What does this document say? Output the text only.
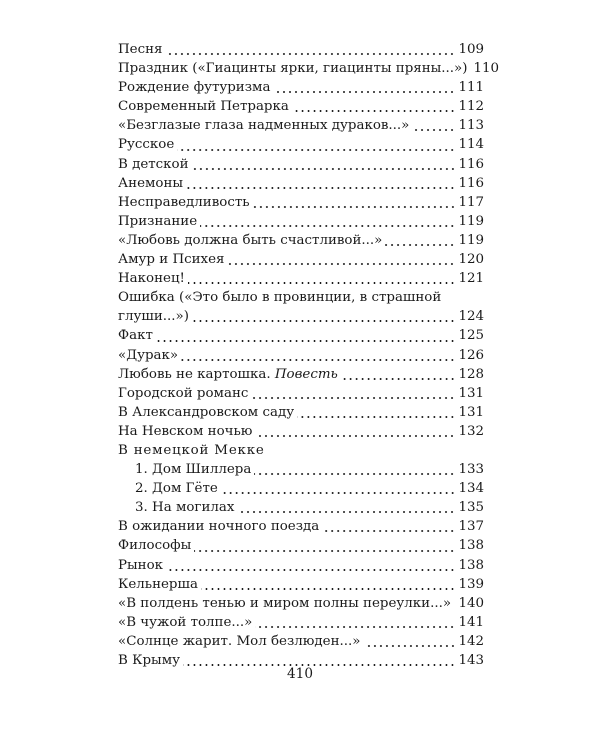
Песня	109
Праздник («Гиацинты ярки, гиацинты пряны...») 110
Рождение футуризма	111
Современный Петрарка	112
«Безглазые глаза надменных дураков...»	113
Русское	114
В детской	116
Анемоны	116
Несправедливость	117
Признание	119
«Любовь должна быть счастливой...»	119
Амур и Психея	120
Наконец!	121
Ошибка («Это было в провинции, в страшной
глуши...»)	124
Факт	125
«Дурак»	126
Любовь не картошка. Повесть	128
Городской романс	131
В Александровском саду	131
На Невском ночью	132
В немецкой Мекке
1. Дом Шиллера	133
2. Дом Гёте	134
3. На могилах	135
В ожидании ночного поезда	137
Философы	138
Рынок	138
Кельнерша	139
«В полдень тенью и миром полны переулки...» 140
«В чужой толпе...»	141
«Солнце жарит. Мол безлюден...»	142
В Крыму	143
410
